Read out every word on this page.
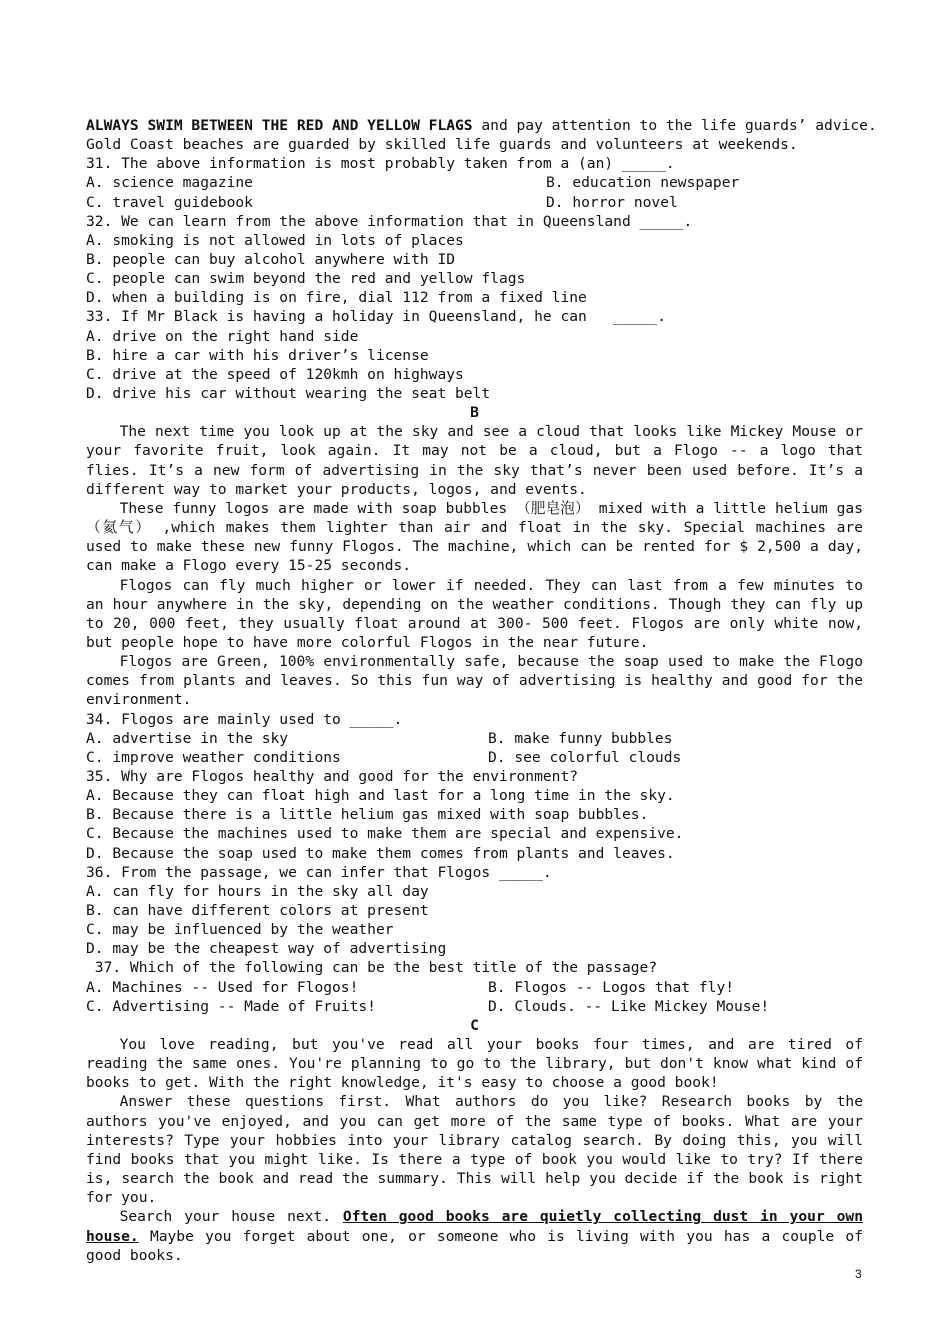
ALWAYS SWIM BETWEEN THE RED AND YELLOW FLAGS and pay attention to the life guards’ advice.
Gold Coast beaches are guarded by skilled life guards and volunteers at weekends.
31. The above information is most probably taken from a (an) _____.
A. science magazine	B. education newspaper
C. travel guidebook	D. horror novel
32. We can learn from the above information that in Queensland _____.
A. smoking is not allowed in lots of places
B. people can buy alcohol anywhere with ID
C. people can swim beyond the red and yellow flags
D. when a building is on fire, dial 112 from a fixed line
33. If Mr Black is having a holiday in Queensland, he can   _____.
A. drive on the right hand side
B. hire a car with his driver’s license
C. drive at the speed of 120kmh on highways
D. drive his car without wearing the seat belt
B
The next time you look up at the sky and see a cloud that looks like Mickey Mouse or your favorite fruit, look again. It may not be a cloud, but a Flogo -- a logo that flies. It’s a new form of advertising in the sky that’s never been used before. It’s a different way to market your products, logos, and events.
These funny logos are made with soap bubbles （肥皂泡） mixed with a little helium gas（氦气） ,which makes them lighter than air and float in the sky. Special machines are used to make these new funny Flogos. The machine, which can be rented for $ 2,500 a day, can make a Flogo every 15-25 seconds.
Flogos can fly much higher or lower if needed. They can last from a few minutes to an hour anywhere in the sky, depending on the weather conditions. Though they can fly up to 20, 000 feet, they usually float around at 300- 500 feet. Flogos are only white now, but people hope to have more colorful Flogos in the near future.
Flogos are Green, 100% environmentally safe, because the soap used to make the Flogo comes from plants and leaves. So this fun way of advertising is healthy and good for the environment.
34. Flogos are mainly used to _____.
A. advertise in the sky	B. make funny bubbles
C. improve weather conditions	D. see colorful clouds
35. Why are Flogos healthy and good for the environment?
A. Because they can float high and last for a long time in the sky.
B. Because there is a little helium gas mixed with soap bubbles.
C. Because the machines used to make them are special and expensive.
D. Because the soap used to make them comes from plants and leaves.
36. From the passage, we can infer that Flogos _____.
A. can fly for hours in the sky all day
B. can have different colors at present
C. may be influenced by the weather
D. may be the cheapest way of advertising
37. Which of the following can be the best title of the passage?
A. Machines -- Used for Flogos!	B. Flogos -- Logos that fly!
C. Advertising -- Made of Fruits!	D. Clouds. -- Like Mickey Mouse!
C
You love reading, but you've read all your books four times, and are tired of reading the same ones. You're planning to go to the library, but don't know what kind of books to get. With the right knowledge, it's easy to choose a good book!
Answer these questions first. What authors do you like? Research books by the authors you've enjoyed, and you can get more of the same type of books. What are your interests? Type your hobbies into your library catalog search. By doing this, you will find books that you might like. Is there a type of book you would like to try? If there is, search the book and read the summary. This will help you decide if the book is right for you.
Search your house next. Often good books are quietly collecting dust in your own house. Maybe you forget about one, or someone who is living with you has a couple of good books.
3
